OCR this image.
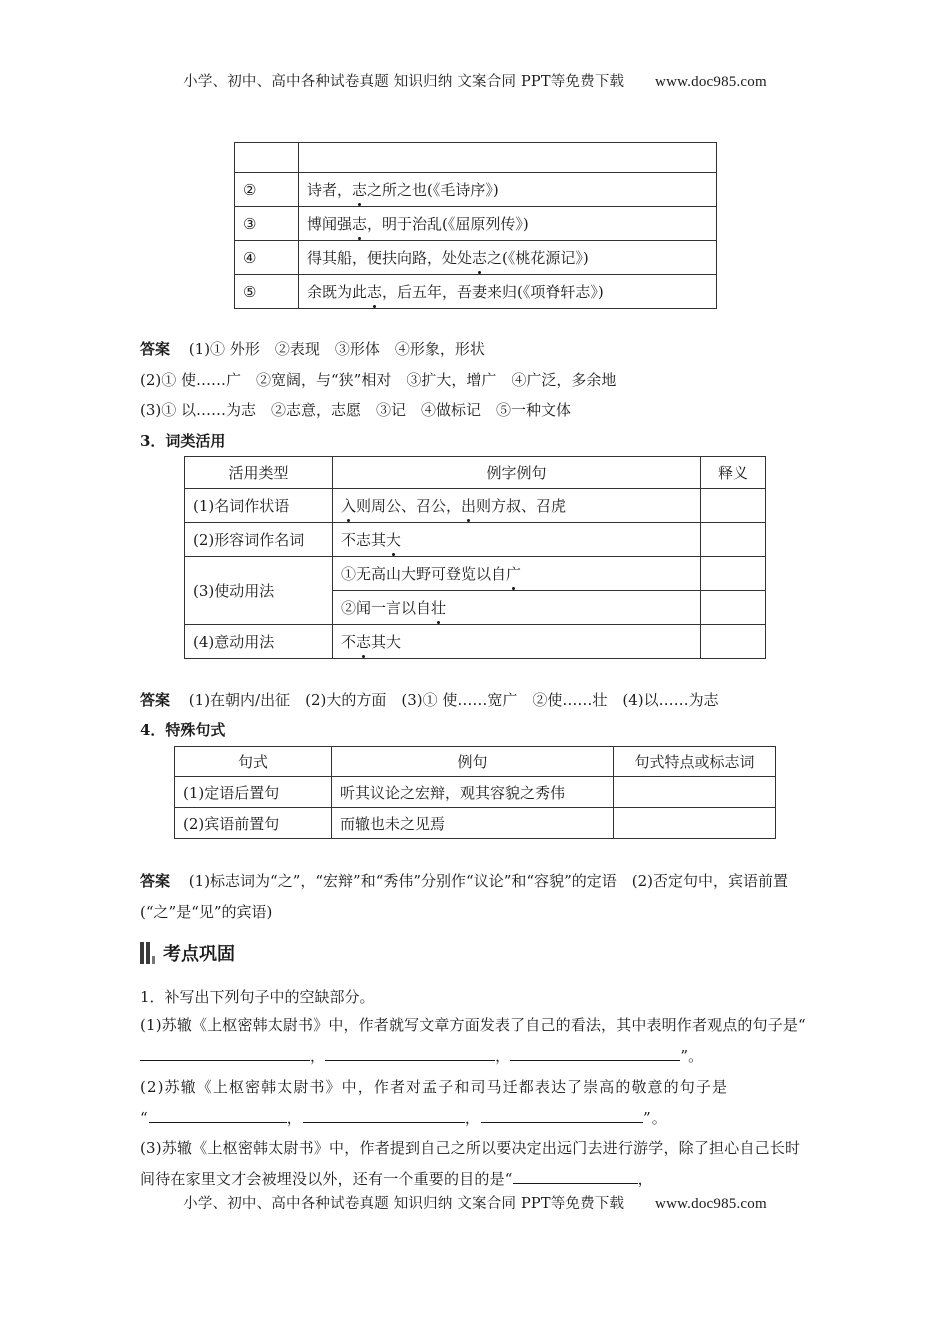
小学、初中、高中各种试卷真题 知识归纳 文案合同 PPT等免费下载 www.doc985.com

②	诗者，志之所之也(《毛诗序》)
③	博闻强志，明于治乱(《屈原列传》)
④	得其船，便扶向路，处处志之(《桃花源记》)
⑤	余既为此志，后五年，吾妻来归(《项脊轩志》)
答案 (1)① 外形　②表现　③形体　④形象，形状
(2)① 使……广　②宽阔，与“狭”相对　③扩大，增广　④广泛，多余地
(3)① 以……为志　②志意，志愿　③记　④做标记　⑤一种文体
3．词类活用
活用类型	例字例句	释义
(1)名词作状语	入则周公、召公，出则方叔、召虎	
(2)形容词作名词	不志其大	
(3)使动用法	①无高山大野可登览以自广	
	②闻一言以自壮	
(4)意动用法	不志其大	
答案 (1)在朝内/出征　(2)大的方面　(3)① 使……宽广　②使……壮　(4)以……为志
4．特殊句式
句式	例句	句式特点或标志词
(1)定语后置句	听其议论之宏辩，观其容貌之秀伟	
(2)宾语前置句	而辙也未之见焉	
答案 (1)标志词为“之”，“宏辩”和“秀伟”分别作“议论”和“容貌”的定语　(2)否定句中，宾语前置(“之”是“见”的宾语)
考点巩固
1．补写出下列句子中的空缺部分。
(1)苏辙《上枢密韩太尉书》中，作者就写文章方面发表了自己的看法，其中表明作者观点的句子是“，	，	”。
(2)苏辙《上枢密韩太尉书》中，作者对孟子和司马迁都表达了崇高的敬意的句子是
“	，	，	”。
(3)苏辙《上枢密韩太尉书》中，作者提到自己之所以要决定出远门去进行游学，除了担心自己长时间待在家里文才会被埋没以外，还有一个重要的目的是“	，
小学、初中、高中各种试卷真题 知识归纳 文案合同 PPT等免费下载 www.doc985.com
